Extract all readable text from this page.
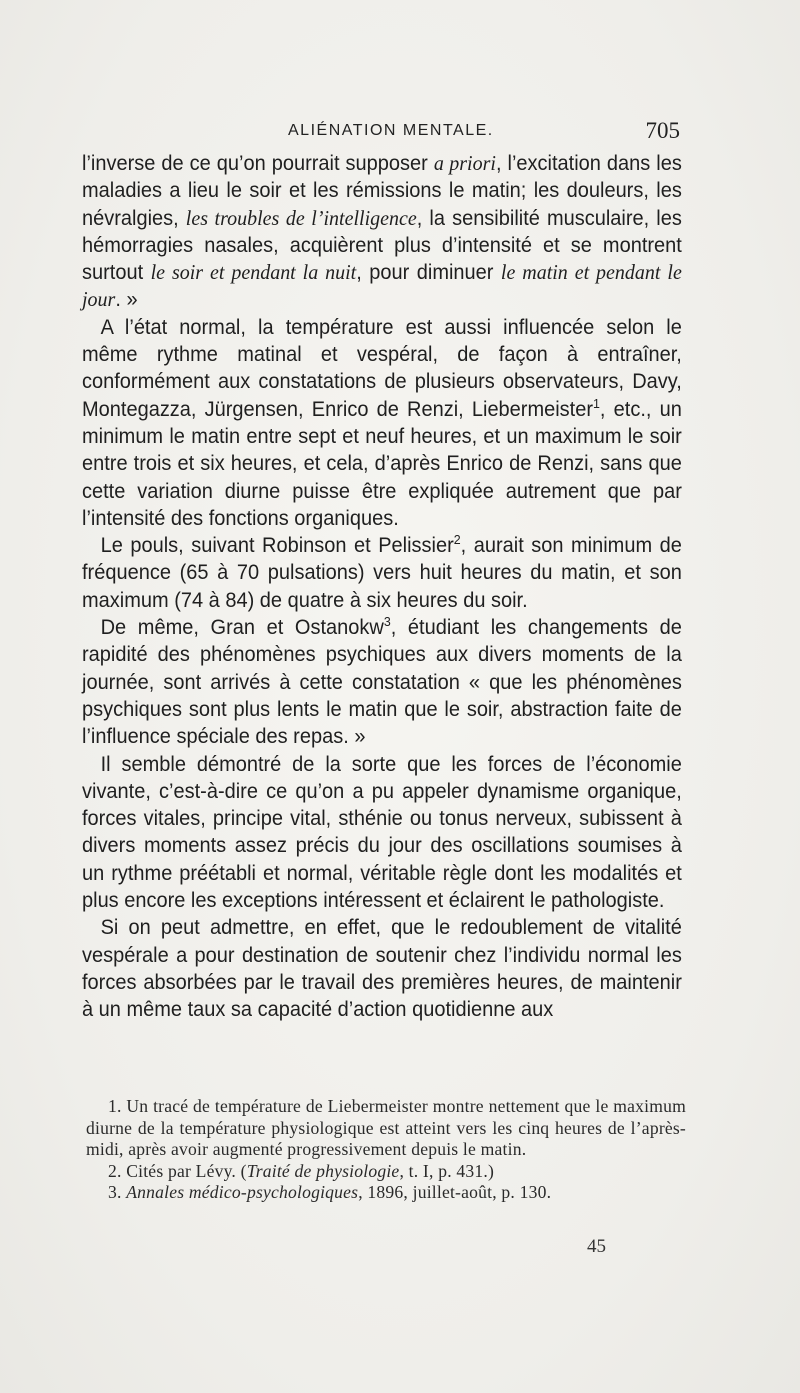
ALIÉNATION MENTALE.	705

l’inverse de ce qu’on pourrait supposer a priori, l’excitation dans les maladies a lieu le soir et les rémissions le matin; les douleurs, les névralgies, les troubles de l’intelligence, la sensibilité musculaire, les hémorragies nasales, acquièrent plus d’intensité et se montrent surtout le soir et pendant la nuit, pour diminuer le matin et pendant le jour. »

A l’état normal, la température est aussi influencée selon le même rythme matinal et vespéral, de façon à entraîner, conformément aux constatations de plusieurs observateurs, Davy, Montegazza, Jürgensen, Enrico de Renzi, Liebermeister$^1$, etc., un minimum le matin entre sept et neuf heures, et un maximum le soir entre trois et six heures, et cela, d’après Enrico de Renzi, sans que cette variation diurne puisse être expliquée autrement que par l’intensité des fonctions organiques.

Le pouls, suivant Robinson et Pelissier$^2$, aurait son minimum de fréquence (65 à 70 pulsations) vers huit heures du matin, et son maximum (74 à 84) de quatre à six heures du soir.

De même, Gran et Ostanokw$^3$, étudiant les changements de rapidité des phénomènes psychiques aux divers moments de la journée, sont arrivés à cette constatation « que les phénomènes psychiques sont plus lents le matin que le soir, abstraction faite de l’influence spéciale des repas. »

Il semble démontré de la sorte que les forces de l’économie vivante, c’est-à-dire ce qu’on a pu appeler dynamisme organique, forces vitales, principe vital, sthénie ou tonus nerveux, subissent à divers moments assez précis du jour des oscillations soumises à un rythme préétabli et normal, véritable règle dont les modalités et plus encore les exceptions intéressent et éclairent le pathologiste.

Si on peut admettre, en effet, que le redoublement de vitalité vespérale a pour destination de soutenir chez l’individu normal les forces absorbées par le travail des premières heures, de maintenir à un même taux sa capacité d’action quotidienne aux

1. Un tracé de température de Liebermeister montre nettement que le maximum diurne de la température physiologique est atteint vers les cinq heures de l’après-midi, après avoir augmenté progressivement depuis le matin.

2. Cités par Lévy. (Traité de physiologie, t. I, p. 431.)

3. Annales médico-psychologiques, 1896, juillet-août, p. 130.

45
